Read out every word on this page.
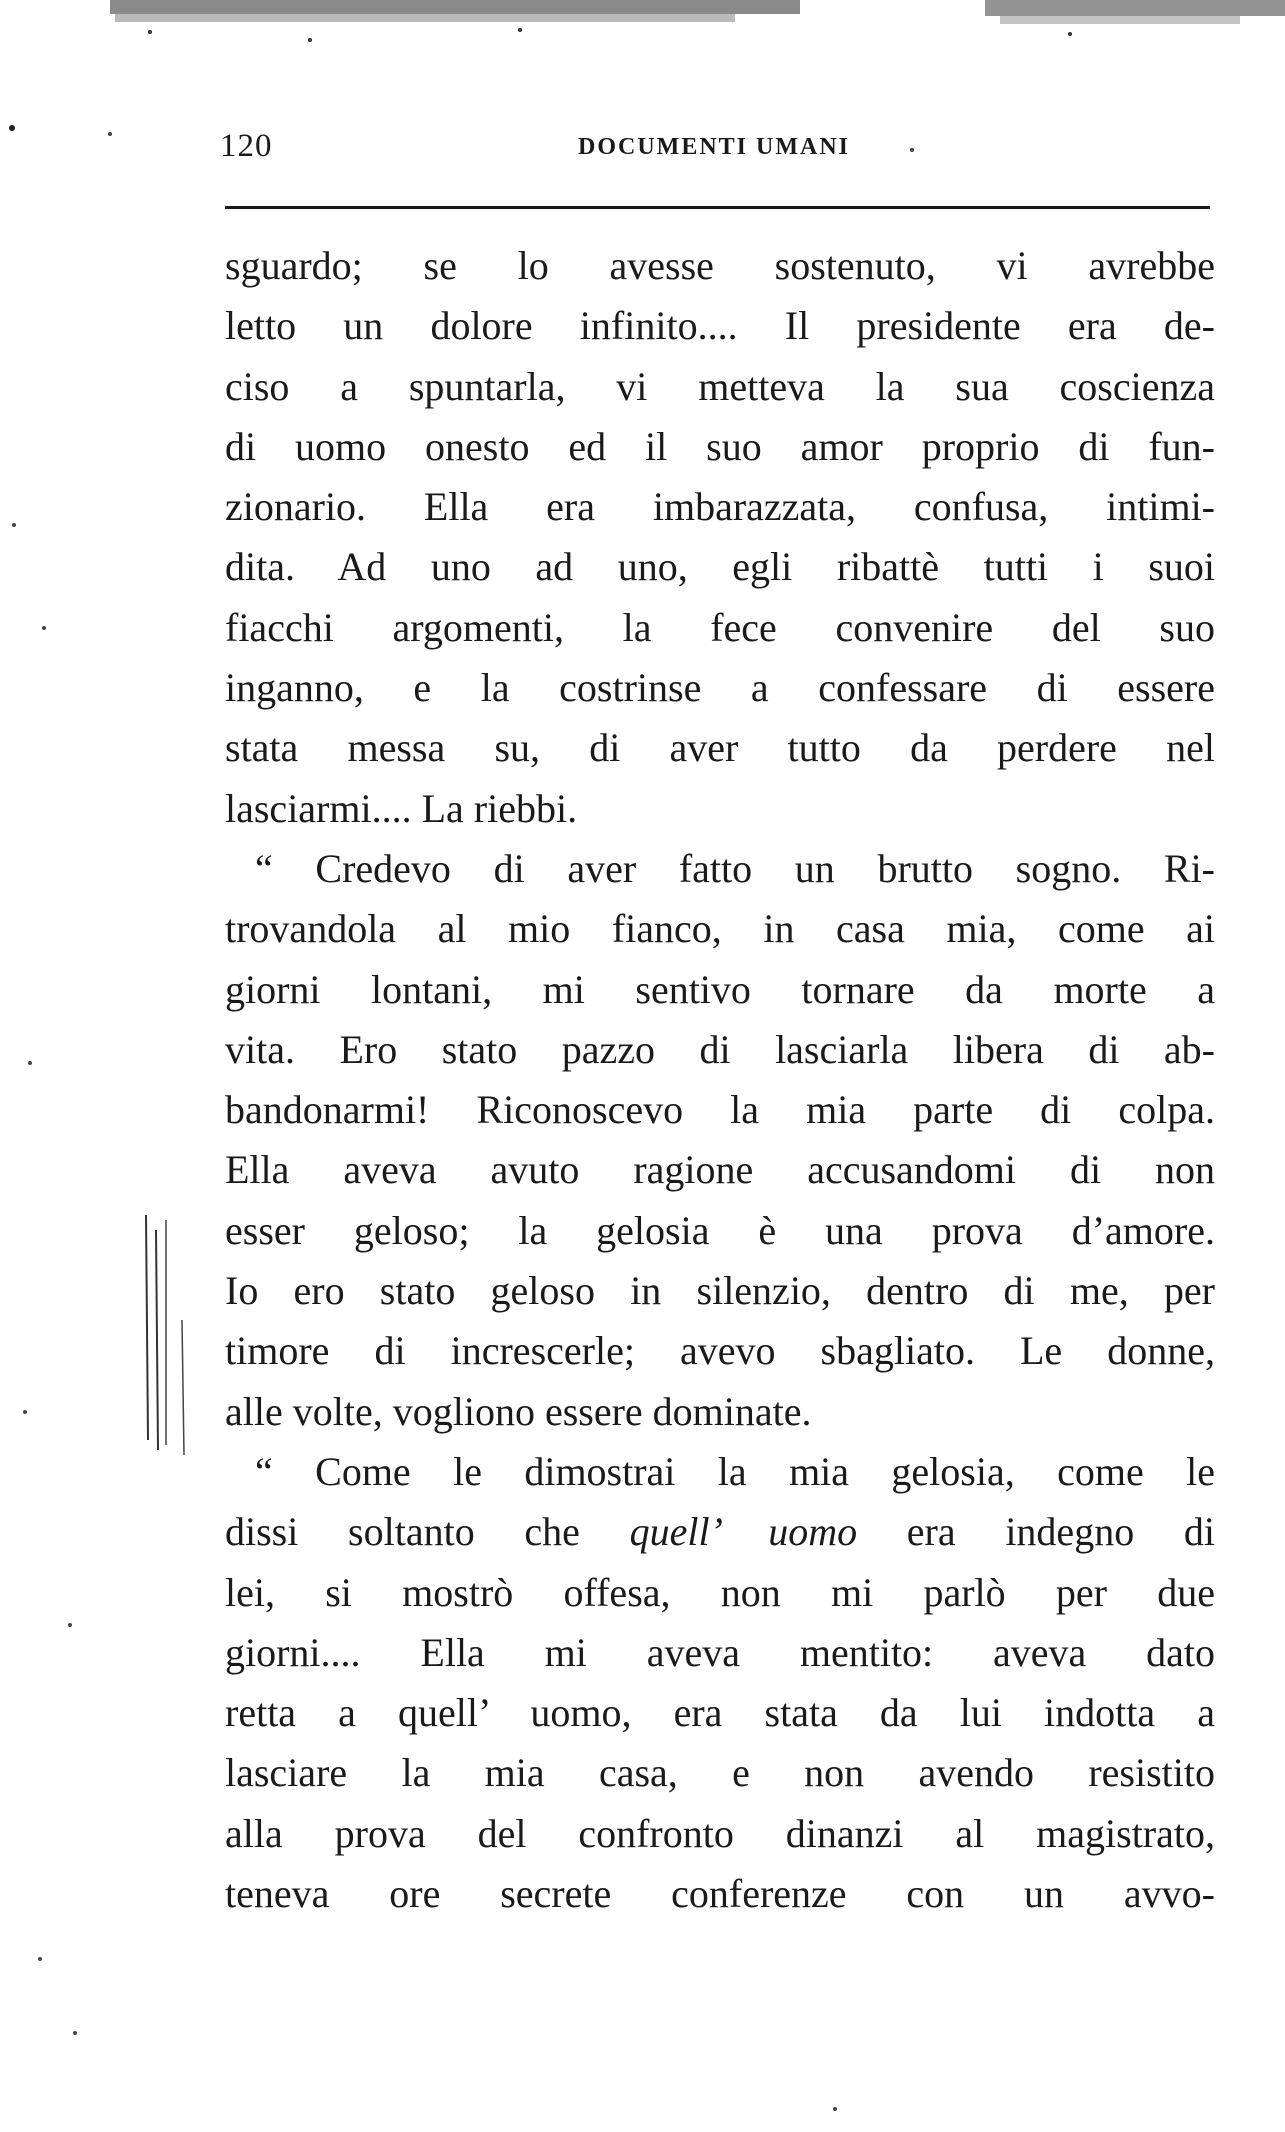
120	DOCUMENTI UMANI
sguardo; se lo avesse sostenuto, vi avrebbe
letto un dolore infinito.... Il presidente era de-
ciso a spuntarla, vi metteva la sua coscienza
di uomo onesto ed il suo amor proprio di fun-
zionario. Ella era imbarazzata, confusa, intimi-
dita. Ad uno ad uno, egli ribattè tutti i suoi
fiacchi argomenti, la fece convenire del suo
inganno, e la costrinse a confessare di essere
stata messa su, di aver tutto da perdere nel
lasciarmi.... La riebbi.
“ Credevo di aver fatto un brutto sogno. Ri-
trovandola al mio fianco, in casa mia, come ai
giorni lontani, mi sentivo tornare da morte a
vita. Ero stato pazzo di lasciarla libera di ab-
bandonarmi! Riconoscevo la mia parte di colpa.
Ella aveva avuto ragione accusandomi di non
esser geloso; la gelosia è una prova d’amore.
Io ero stato geloso in silenzio, dentro di me, per
timore di increscerle; avevo sbagliato. Le donne,
alle volte, vogliono essere dominate.
“ Come le dimostrai la mia gelosia, come le
dissi soltanto che quell’ uomo era indegno di
lei, si mostrò offesa, non mi parlò per due
giorni.... Ella mi aveva mentito: aveva dato
retta a quell’ uomo, era stata da lui indotta a
lasciare la mia casa, e non avendo resistito
alla prova del confronto dinanzi al magistrato,
teneva ore secrete conferenze con un avvo-
